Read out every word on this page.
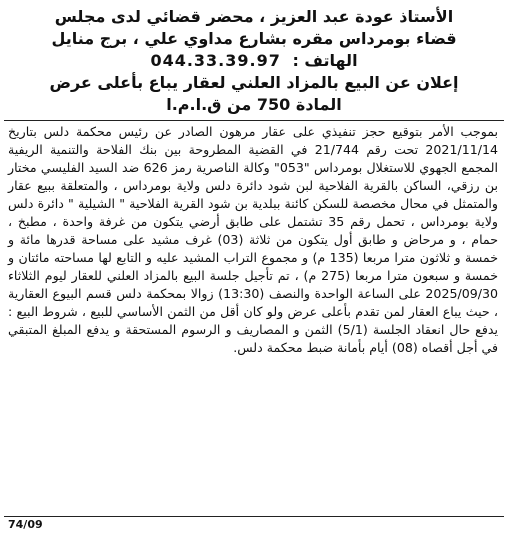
الأستاذ عودة عبد العزيز ، محضر قضائي لدى مجلس
قضاء بومرداس مقره بشارع مداوي علي ، برج منايل
الهاتف : 044.33.39.97
إعلان عن البيع بالمزاد العلني لعقار يباع بأعلى عرض
المادة 750 من ق.ا.م.ا

بموجب الأمر بتوقيع حجز تنفيذي على عقار مرهون الصادر عن رئيس محكمة دلس بتاريخ 2021/11/14 تحت رقم 21/744 في القضية المطروحة بين بنك الفلاحة والتنمية الريفية المجمع الجهوي للاستغلال بومرداس "053" وكالة الناصرية رمز 626 ضد السيد الفليسي مختار بن رزقي، الساكن بالقرية الفلاحية لبن شود دائرة دلس ولاية بومرداس ، والمتعلقة ببيع عقار والمتمثل في محال مخصصة للسكن كائنة ببلدية بن شود القرية الفلاحية " الشيلية " دائرة دلس ولاية بومرداس ، تحمل رقم 35 تشتمل على طابق أرضي يتكون من غرفة واحدة ، مطبخ ، حمام ، و مرحاض و طابق أول يتكون من ثلاثة (03) غرف مشيد على مساحة قدرها مائة و خمسة و ثلاثون مترا مربعا (135 م) و مجموع التراب المشيد عليه و التابع لها مساحته مائتان و خمسة و سبعون مترا مربعا (275 م) ، تم تأجيل جلسة البيع بالمزاد العلني للعقار ليوم الثلاثاء 2025/09/30 على الساعة الواحدة والنصف (13:30) زوالا بمحكمة دلس قسم البيوع العقارية ، حيث يباع العقار لمن تقدم بأعلى عرض ولو كان أقل من الثمن الأساسي للبيع ، شروط البيع : يدفع حال انعقاد الجلسة (5/1) الثمن و المصاريف و الرسوم المستحقة و يدفع المبلغ المتبقي في أجل أقصاه (08) أيام بأمانة ضبط محكمة دلس.

74/09
